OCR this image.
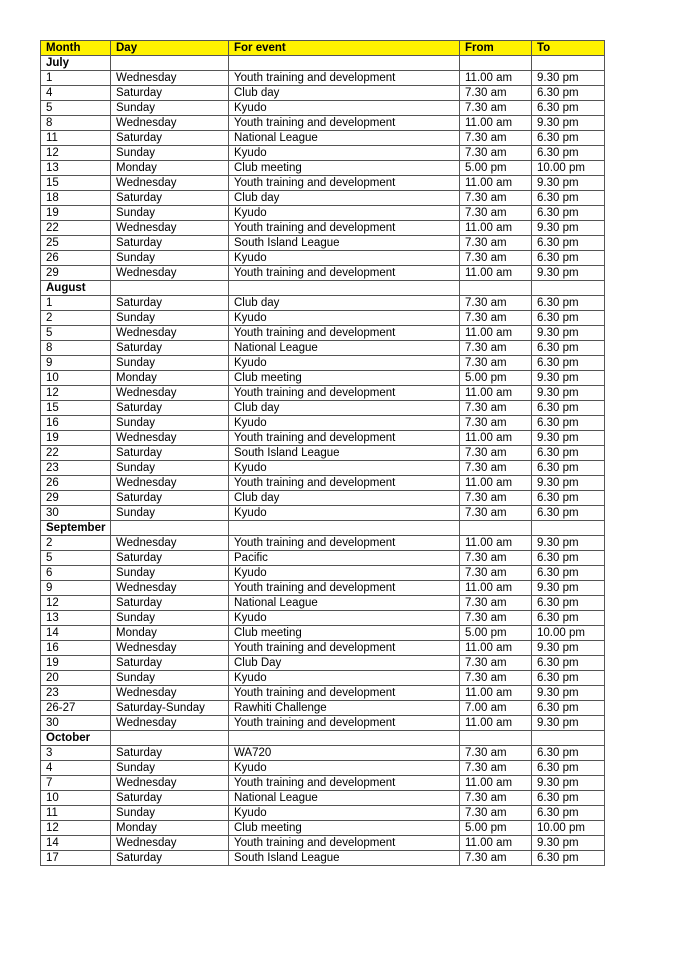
Month	Day	For event	From	To
July				
1	Wednesday	Youth training and development	11.00 am	9.30 pm
4	Saturday	Club day	7.30 am	6.30 pm
5	Sunday	Kyudo	7.30 am	6.30 pm
8	Wednesday	Youth training and development	11.00 am	9.30 pm
11	Saturday	National League	7.30 am	6.30 pm
12	Sunday	Kyudo	7.30 am	6.30 pm
13	Monday	Club meeting	5.00 pm	10.00 pm
15	Wednesday	Youth training and development	11.00 am	9.30 pm
18	Saturday	Club day	7.30 am	6.30 pm
19	Sunday	Kyudo	7.30 am	6.30 pm
22	Wednesday	Youth training and development	11.00 am	9.30 pm
25	Saturday	South Island League	7.30 am	6.30 pm
26	Sunday	Kyudo	7.30 am	6.30 pm
29	Wednesday	Youth training and development	11.00 am	9.30 pm
August				
1	Saturday	Club day	7.30 am	6.30 pm
2	Sunday	Kyudo	7.30 am	6.30 pm
5	Wednesday	Youth training and development	11.00 am	9.30 pm
8	Saturday	National League	7.30 am	6.30 pm
9	Sunday	Kyudo	7.30 am	6.30 pm
10	Monday	Club meeting	5.00 pm	9.30 pm
12	Wednesday	Youth training and development	11.00 am	9.30 pm
15	Saturday	Club day	7.30 am	6.30 pm
16	Sunday	Kyudo	7.30 am	6.30 pm
19	Wednesday	Youth training and development	11.00 am	9.30 pm
22	Saturday	South Island League	7.30 am	6.30 pm
23	Sunday	Kyudo	7.30 am	6.30 pm
26	Wednesday	Youth training and development	11.00 am	9.30 pm
29	Saturday	Club day	7.30 am	6.30 pm
30	Sunday	Kyudo	7.30 am	6.30 pm
September				
2	Wednesday	Youth training and development	11.00 am	9.30 pm
5	Saturday	Pacific	7.30 am	6.30 pm
6	Sunday	Kyudo	7.30 am	6.30 pm
9	Wednesday	Youth training and development	11.00 am	9.30 pm
12	Saturday	National League	7.30 am	6.30 pm
13	Sunday	Kyudo	7.30 am	6.30 pm
14	Monday	Club meeting	5.00 pm	10.00 pm
16	Wednesday	Youth training and development	11.00 am	9.30 pm
19	Saturday	Club Day	7.30 am	6.30 pm
20	Sunday	Kyudo	7.30 am	6.30 pm
23	Wednesday	Youth training and development	11.00 am	9.30 pm
26-27	Saturday-Sunday	Rawhiti Challenge	7.00 am	6.30 pm
30	Wednesday	Youth training and development	11.00 am	9.30 pm
October				
3	Saturday	WA720	7.30 am	6.30 pm
4	Sunday	Kyudo	7.30 am	6.30 pm
7	Wednesday	Youth training and development	11.00 am	9.30 pm
10	Saturday	National League	7.30 am	6.30 pm
11	Sunday	Kyudo	7.30 am	6.30 pm
12	Monday	Club meeting	5.00 pm	10.00 pm
14	Wednesday	Youth training and development	11.00 am	9.30 pm
17	Saturday	South Island League	7.30 am	6.30 pm
